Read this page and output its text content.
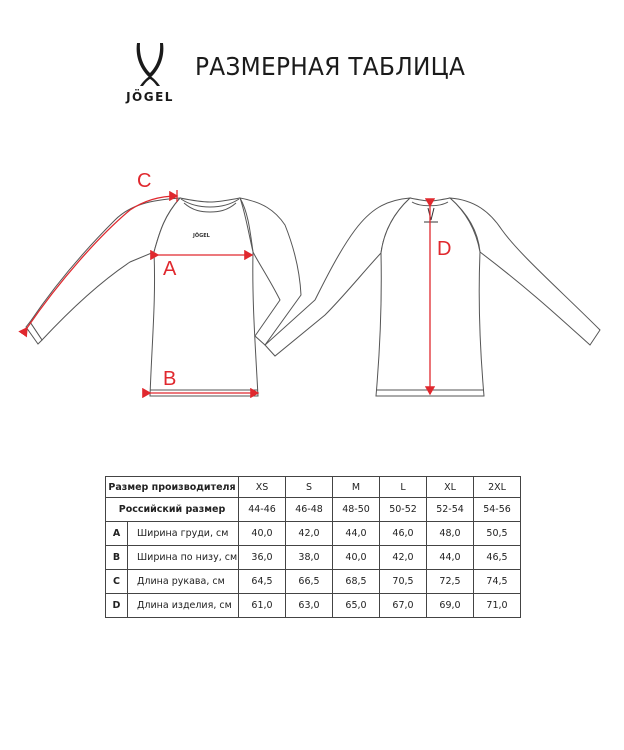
JÖGEL
РАЗМЕРНАЯ ТАБЛИЦА
JÖGEL
A
B
C
D
Размер производителя		XS	S	M	L	XL	2XL
Российский размер		44-46	46-48	48-50	50-52	52-54	54-56
A	Ширина груди, см	40,0	42,0	44,0	46,0	48,0	50,5
B	Ширина по низу, см	36,0	38,0	40,0	42,0	44,0	46,5
C	Длина рукава, см	64,5	66,5	68,5	70,5	72,5	74,5
D	Длина изделия, см	61,0	63,0	65,0	67,0	69,0	71,0
